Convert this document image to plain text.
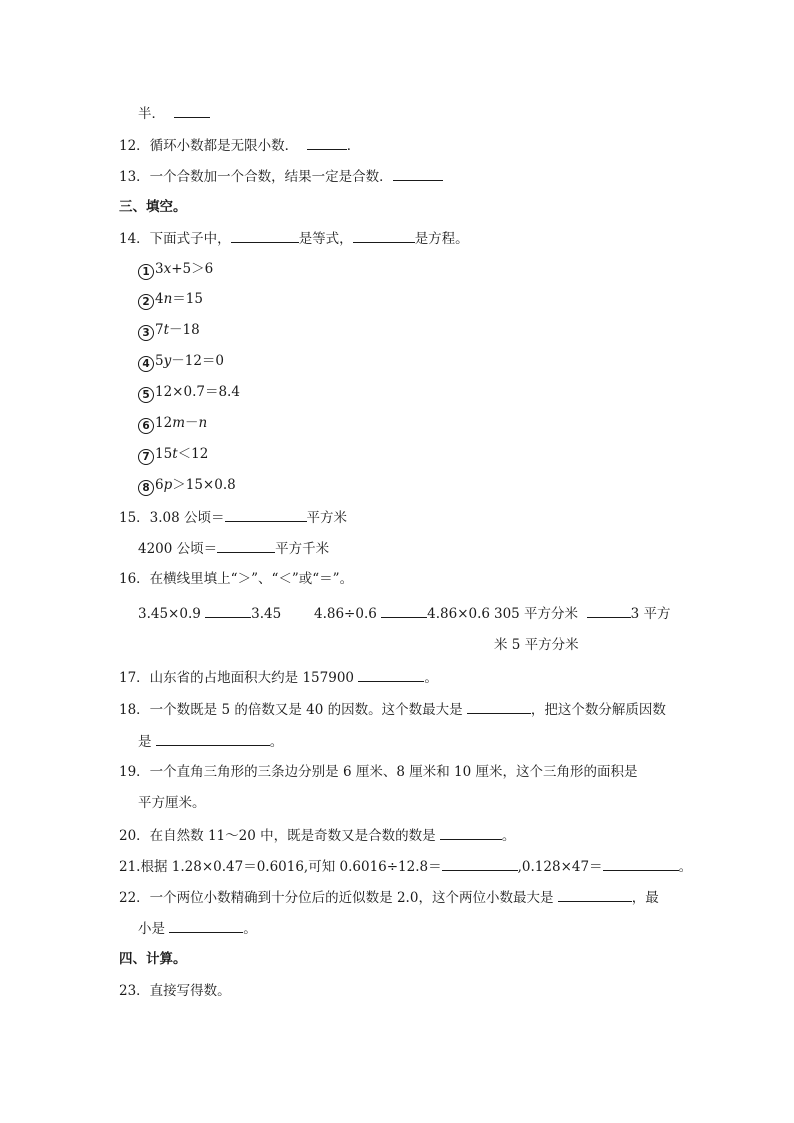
半．
12．循环小数都是无限小数．	．
13．一个合数加一个合数，结果一定是合数．
三、填空。
14．下面式子中，	是等式，	是方程。
1 3x+5＞6
2 4n＝15
3 7t－18
4 5y－12＝0
5 12×0.7＝8.4
6 12m－n
7 15t＜12
8 6p＞15×0.8
15．3.08 公顷＝	平方米
4200 公顷＝	平方千米
16．在横线里填上“＞”、“＜”或“＝”。
3.45×0.9	3.45 4.86÷0.6	4.86×0.6 305 平方分米	3 平方
米 5 平方分米
17．山东省的占地面积大约是 157900	。
18．一个数既是 5 的倍数又是 40 的因数。这个数最大是	，把这个数分解质因数
是	。
19．一个直角三角形的三条边分别是 6 厘米、8 厘米和 10 厘米，这个三角形的面积是
平方厘米。
20．在自然数 11～20 中，既是奇数又是合数的数是	。
21.根据 1.28×0.47＝0.6016,可知 0.6016÷12.8＝	,0.128×47＝	。
22．一个两位小数精确到十分位后的近似数是 2.0，这个两位小数最大是	，最
小是	。
四、计算。
23．直接写得数。
